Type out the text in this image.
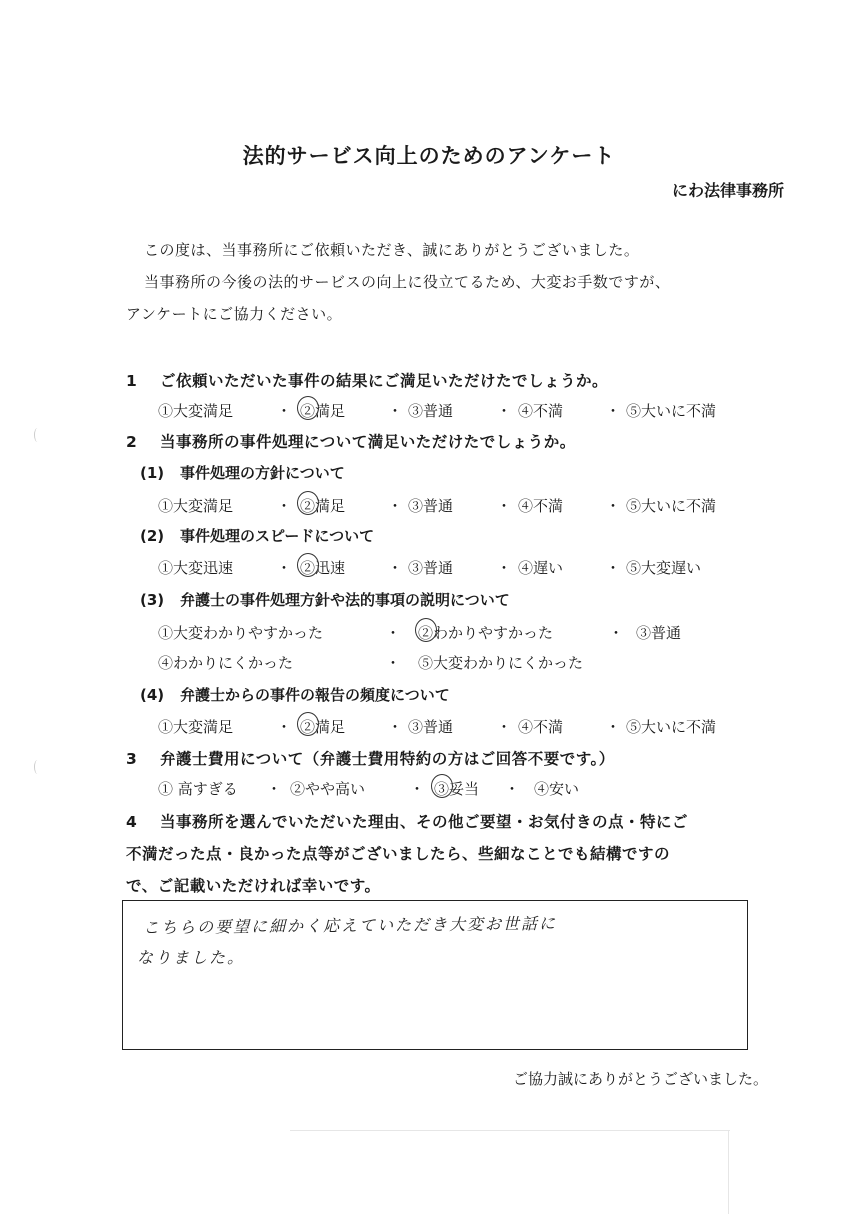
法的サービス向上のためのアンケート
にわ法律事務所
この度は、当事務所にご依頼いただき、誠にありがとうございました。
当事務所の今後の法的サービスの向上に役立てるため、大変お手数ですが、
アンケートにご協力ください。
1 ご依頼いただいた事件の結果にご満足いただけたでしょうか。
①大変満足	・ ②満足	・ ③普通	・ ④不満	・ ⑤大いに不満
2 当事務所の事件処理について満足いただけたでしょうか。
(1) 事件処理の方針について
①大変満足	・ ②満足	・ ③普通	・ ④不満	・ ⑤大いに不満
(2) 事件処理のスピードについて
①大変迅速	・ ②迅速	・ ③普通	・ ④遅い	・ ⑤大変遅い
(3) 弁護士の事件処理方針や法的事項の説明について
①大変わかりやすかった	・	②わかりやすかった	・ ③普通
④わかりにくかった	・	⑤大変わかりにくかった
(4) 弁護士からの事件の報告の頻度について
①大変満足	・ ②満足	・ ③普通	・ ④不満	・ ⑤大いに不満
3 弁護士費用について（弁護士費用特約の方はご回答不要です。）
① 高すぎる	・ ②やや高い	・ ③妥当	・ ④安い
4 当事務所を選んでいただいた理由、その他ご要望・お気付きの点・特にご
不満だった点・良かった点等がございましたら、些細なことでも結構ですの
で、ご記載いただければ幸いです。
こちらの要望に細かく応えていただき大変お世話に
なりました。
ご協力誠にありがとうございました。
